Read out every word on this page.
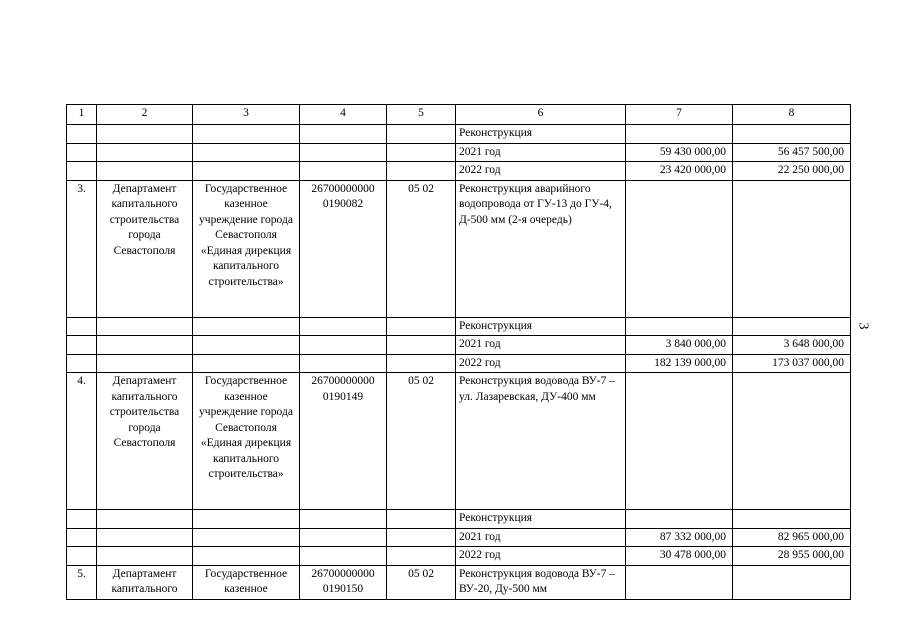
1	2	3	4	5	6	7	8
					Реконструкция		
					2021 год	59 430 000,00	56 457 500,00
					2022 год	23 420 000,00	22 250 000,00
3.	Департамент капитального строительства города Севастополя	Государственное казенное учреждение города Севастополя «Единая дирекция капитального строительства»	26700000000 0190082	05 02	Реконструкция аварийного водопровода от ГУ-13 до ГУ-4, Д-500 мм (2-я очередь)		
					Реконструкция		
					2021 год	3 840 000,00	3 648 000,00
					2022 год	182 139 000,00	173 037 000,00
4.	Департамент капитального строительства города Севастополя	Государственное казенное учреждение города Севастополя «Единая дирекция капитального строительства»	26700000000 0190149	05 02	Реконструкция водовода ВУ-7 – ул. Лазаревская, ДУ-400 мм		
					Реконструкция		
					2021 год	87 332 000,00	82 965 000,00
					2022 год	30 478 000,00	28 955 000,00
5.	Департамент капитального	Государственное казенное	26700000000 0190150	05 02	Реконструкция водовода ВУ-7 – ВУ-20, Ду-500 мм		
3
